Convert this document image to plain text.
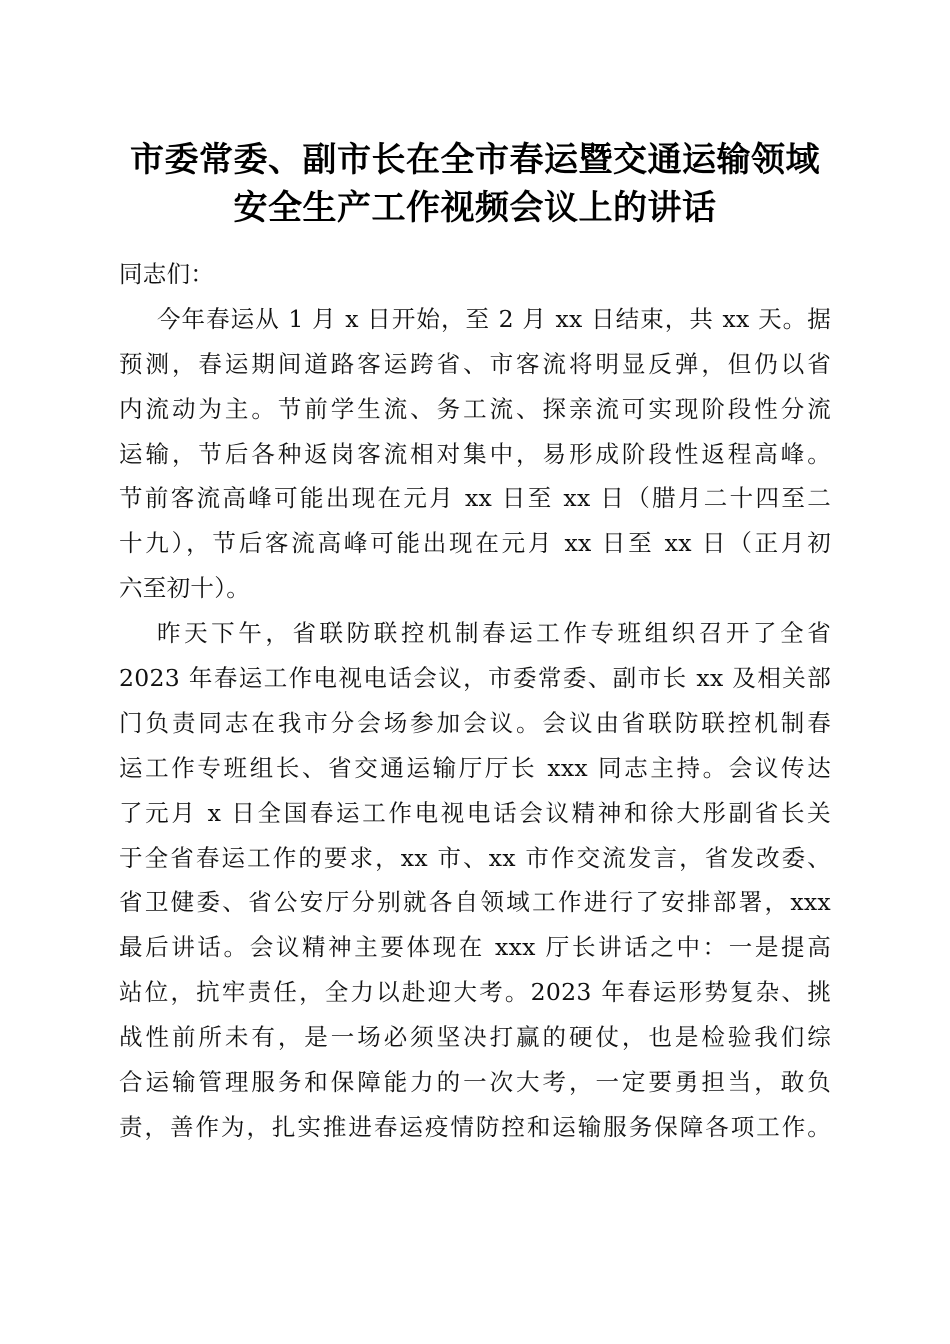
市委常委、副市长在全市春运暨交通运输领域
安全生产工作视频会议上的讲话
同志们：
今年春运从 1 月 x 日开始，至 2 月 xx 日结束，共 xx 天。据
预测，春运期间道路客运跨省、市客流将明显反弹，但仍以省
内流动为主。节前学生流、务工流、探亲流可实现阶段性分流
运输，节后各种返岗客流相对集中，易形成阶段性返程高峰。
节前客流高峰可能出现在元月 xx 日至 xx 日（腊月二十四至二
十九），节后客流高峰可能出现在元月 xx 日至 xx 日（正月初
六至初十）。
昨天下午，省联防联控机制春运工作专班组织召开了全省
2023 年春运工作电视电话会议，市委常委、副市长 xx 及相关部
门负责同志在我市分会场参加会议。会议由省联防联控机制春
运工作专班组长、省交通运输厅厅长 xxx 同志主持。会议传达
了元月 x 日全国春运工作电视电话会议精神和徐大彤副省长关
于全省春运工作的要求，xx 市、xx 市作交流发言，省发改委、
省卫健委、省公安厅分别就各自领域工作进行了安排部署，xxx
最后讲话。会议精神主要体现在 xxx 厅长讲话之中：一是提高
站位，抗牢责任，全力以赴迎大考。2023 年春运形势复杂、挑
战性前所未有，是一场必须坚决打赢的硬仗，也是检验我们综
合运输管理服务和保障能力的一次大考，一定要勇担当，敢负
责，善作为，扎实推进春运疫情防控和运输服务保障各项工作。
